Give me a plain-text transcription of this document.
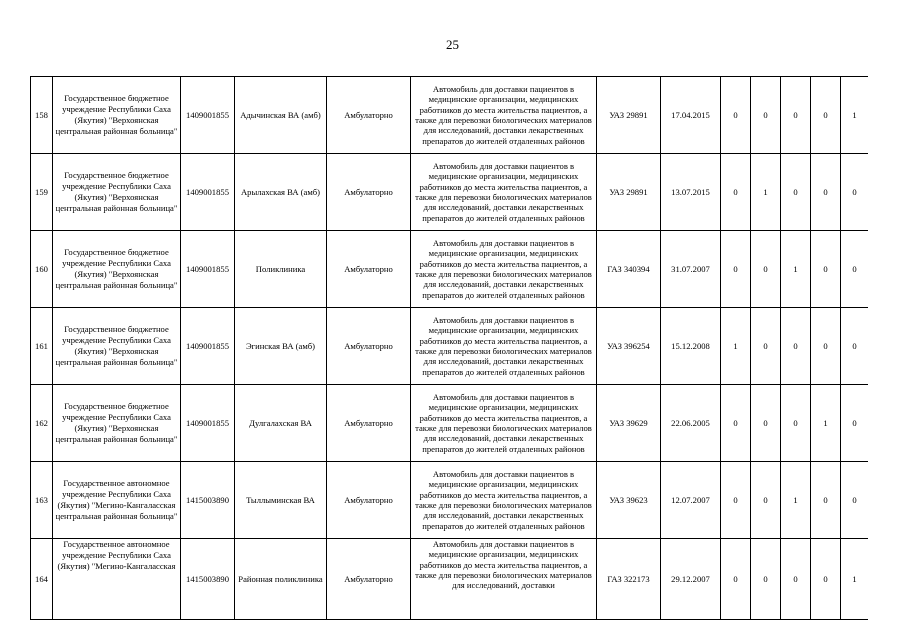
25
158	Государственное бюджетное учреждение Республики Саха (Якутия) "Верхоянская центральная районная больница"	1409001855	Адычинская ВА (амб)	Амбулаторно	Автомобиль для доставки пациентов в медицинские организации, медицинских работников до места жительства пациентов, а также для перевозки биологических материалов для исследований, доставки лекарственных препаратов до жителей отдаленных районов	УАЗ 29891	17.04.2015	0	0	0	0	1
159	Государственное бюджетное учреждение Республики Саха (Якутия) "Верхоянская центральная районная больница"	1409001855	Арылахская ВА (амб)	Амбулаторно	Автомобиль для доставки пациентов в медицинские организации, медицинских работников до места жительства пациентов, а также для перевозки биологических материалов для исследований, доставки лекарственных препаратов до жителей отдаленных районов	УАЗ 29891	13.07.2015	0	1	0	0	0
160	Государственное бюджетное учреждение Республики Саха (Якутия) "Верхоянская центральная районная больница"	1409001855	Поликлиника	Амбулаторно	Автомобиль для доставки пациентов в медицинские организации, медицинских работников до места жительства пациентов, а также для перевозки биологических материалов для исследований, доставки лекарственных препаратов до жителей отдаленных районов	ГАЗ 340394	31.07.2007	0	0	1	0	0
161	Государственное бюджетное учреждение Республики Саха (Якутия) "Верхоянская центральная районная больница"	1409001855	Эгинская ВА (амб)	Амбулаторно	Автомобиль для доставки пациентов в медицинские организации, медицинских работников до места жительства пациентов, а также для перевозки биологических материалов для исследований, доставки лекарственных препаратов до жителей отдаленных районов	УАЗ 396254	15.12.2008	1	0	0	0	0
162	Государственное бюджетное учреждение Республики Саха (Якутия) "Верхоянская центральная районная больница"	1409001855	Дулгалахская ВА	Амбулаторно	Автомобиль для доставки пациентов в медицинские организации, медицинских работников до места жительства пациентов, а также для перевозки биологических материалов для исследований, доставки лекарственных препаратов до жителей отдаленных районов	УАЗ 39629	22.06.2005	0	0	0	1	0
163	Государственное автономное учреждение Республики Саха (Якутия) "Мегино-Кангаласская центральная районная больница"	1415003890	Тыллыминская ВА	Амбулаторно	Автомобиль для доставки пациентов в медицинские организации, медицинских работников до места жительства пациентов, а также для перевозки биологических материалов для исследований, доставки лекарственных препаратов до жителей отдаленных районов	УАЗ 39623	12.07.2007	0	0	1	0	0
164	Государственное автономное учреждение Республики Саха (Якутия) "Мегино-Кангаласская	1415003890	Районная поликлиника	Амбулаторно	Автомобиль для доставки пациентов в медицинские организации, медицинских работников до места жительства пациентов, а также для перевозки биологических материалов для исследований, доставки	ГАЗ 322173	29.12.2007	0	0	0	0	1
